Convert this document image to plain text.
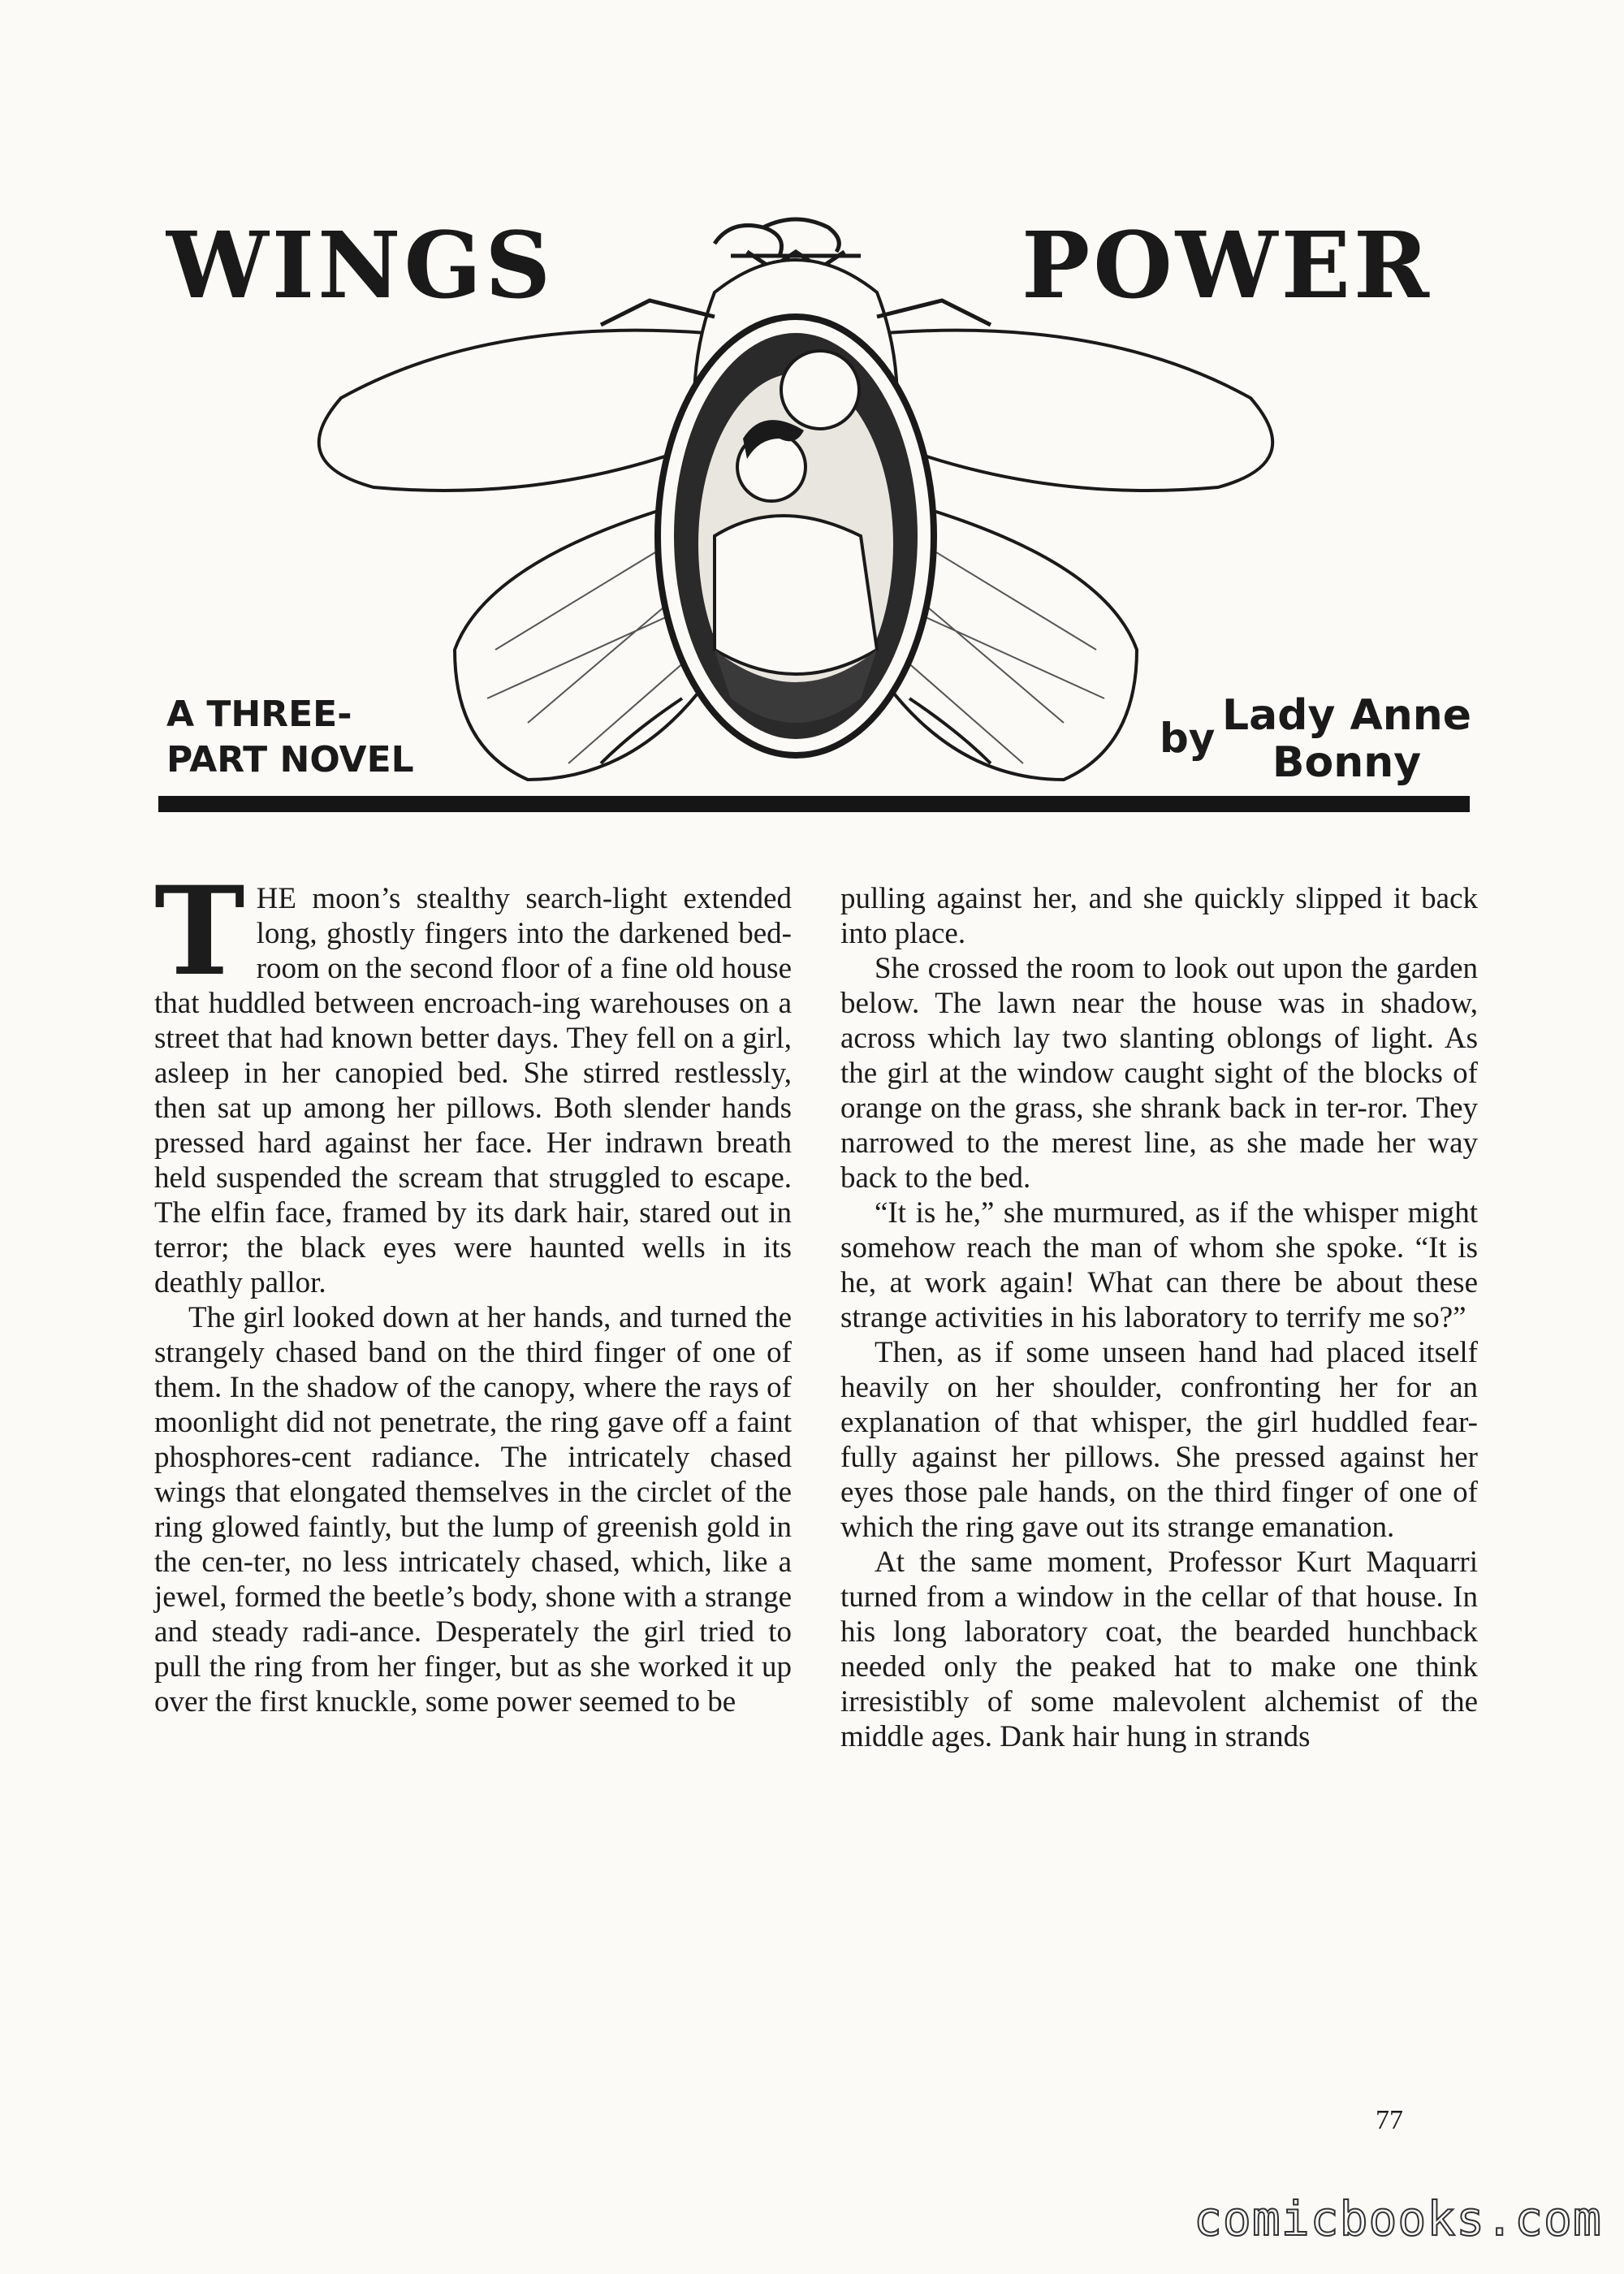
WINGS	POWER
A THREE-
PART NOVEL	by Lady Anne
Bonny

THE moon’s stealthy search-light extended long, ghostly fingers into the darkened bed-room on the second floor of a fine old house that huddled between encroach-ing warehouses on a street that had known better days. They fell on a girl, asleep in her canopied bed. She stirred restlessly, then sat up among her pillows. Both slender hands pressed hard against her face. Her indrawn breath held suspended the scream that struggled to escape. The elfin face, framed by its dark hair, stared out in terror; the black eyes were haunted wells in its deathly pallor.

The girl looked down at her hands, and turned the strangely chased band on the third finger of one of them. In the shadow of the canopy, where the rays of moonlight did not penetrate, the ring gave off a faint phosphores-cent radiance. The intricately chased wings that elongated themselves in the circlet of the ring glowed faintly, but the lump of greenish gold in the cen-ter, no less intricately chased, which, like a jewel, formed the beetle’s body, shone with a strange and steady radi-ance. Desperately the girl tried to pull the ring from her finger, but as she worked it up over the first knuckle, some power seemed to be

pulling against her, and she quickly slipped it back into place.

She crossed the room to look out upon the garden below. The lawn near the house was in shadow, across which lay two slanting oblongs of light. As the girl at the window caught sight of the blocks of orange on the grass, she shrank back in ter-ror. They narrowed to the merest line, as she made her way back to the bed.

“It is he,” she murmured, as if the whisper might somehow reach the man of whom she spoke. “It is he, at work again! What can there be about these strange activities in his laboratory to terrify me so?”

Then, as if some unseen hand had placed itself heavily on her shoulder, confronting her for an explanation of that whisper, the girl huddled fear-fully against her pillows. She pressed against her eyes those pale hands, on the third finger of one of which the ring gave out its strange emanation.

At the same moment, Professor Kurt Maquarri turned from a window in the cellar of that house. In his long laboratory coat, the bearded hunchback needed only the peaked hat to make one think irresistibly of some malevolent alchemist of the middle ages. Dank hair hung in strands

77
comicbooks.com
